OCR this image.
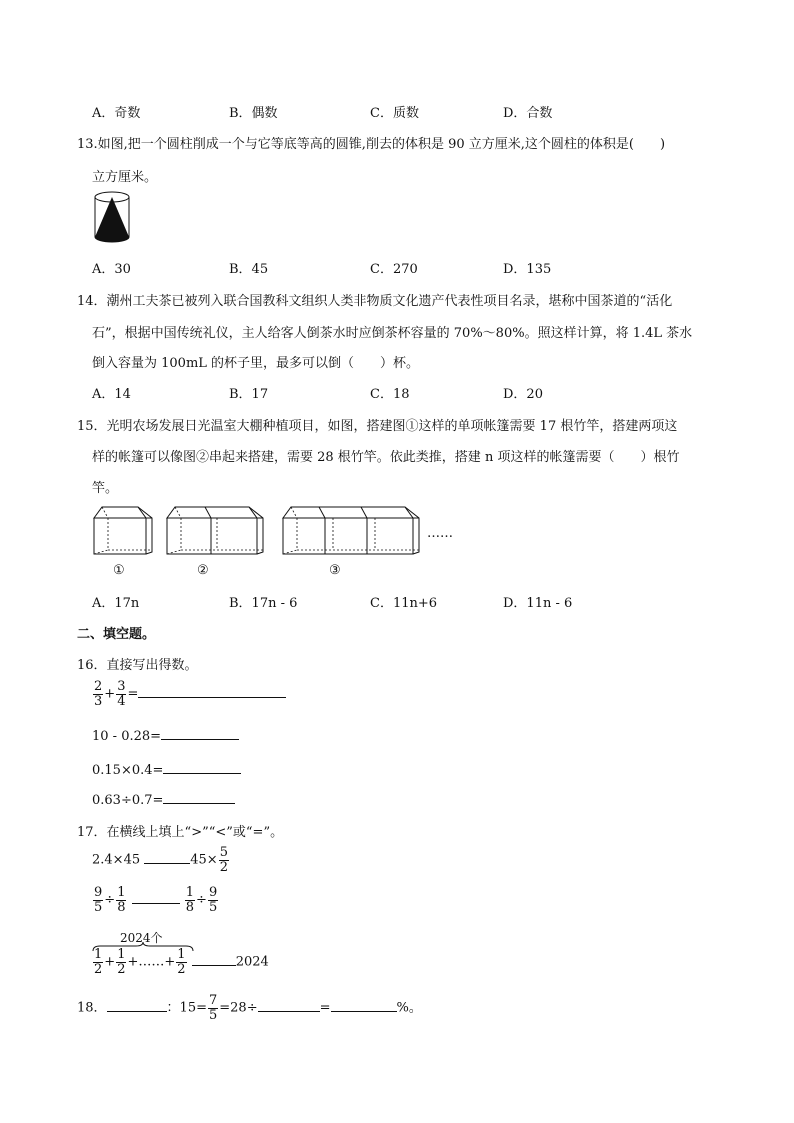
A．奇数	B．偶数	C．质数	D．合数
13.如图,把一个圆柱削成一个与它等底等高的圆锥,削去的体积是 90 立方厘米,这个圆柱的体积是(　　)
立方厘米。
A．30	B．45	C．270	D．135
14．潮州工夫茶已被列入联合国教科文组织人类非物质文化遗产代表性项目名录，堪称中国茶道的“活化
石”，根据中国传统礼仪，主人给客人倒茶水时应倒茶杯容量的 70%～80%。照这样计算，将 1.4L 茶水
倒入容量为 100mL 的杯子里，最多可以倒（　　）杯。
A．14	B．17	C．18	D．20
15．光明农场发展日光温室大棚种植项目，如图，搭建图①这样的单项帐篷需要 17 根竹竿，搭建两项这
样的帐篷可以像图②串起来搭建，需要 28 根竹竿。依此类推，搭建 n 项这样的帐篷需要（　　）根竹
竿。
……
①	②	③
A．17n	B．17n - 6	C．11n+6	D．11n - 6
二、填空题。
16．直接写出得数。
$\frac{2}{3} + \frac{3}{4}$ =
10 - 0.28=
0.15×0.4=
0.63÷0.7=
17．在横线上填上“>”“<”或“=”。
2.4×45	$45\times \frac{5}{2}$
$\frac{9}{5} \div \frac{1}{8}$
	$\frac{1}{8} \div \frac{9}{5}$
2024个
$\frac{1}{2} + \frac{1}{2}$ +……+ $\frac{1}{2}$	2024
18．	：$15= \frac{7}{5} =28\div$	=	%。
